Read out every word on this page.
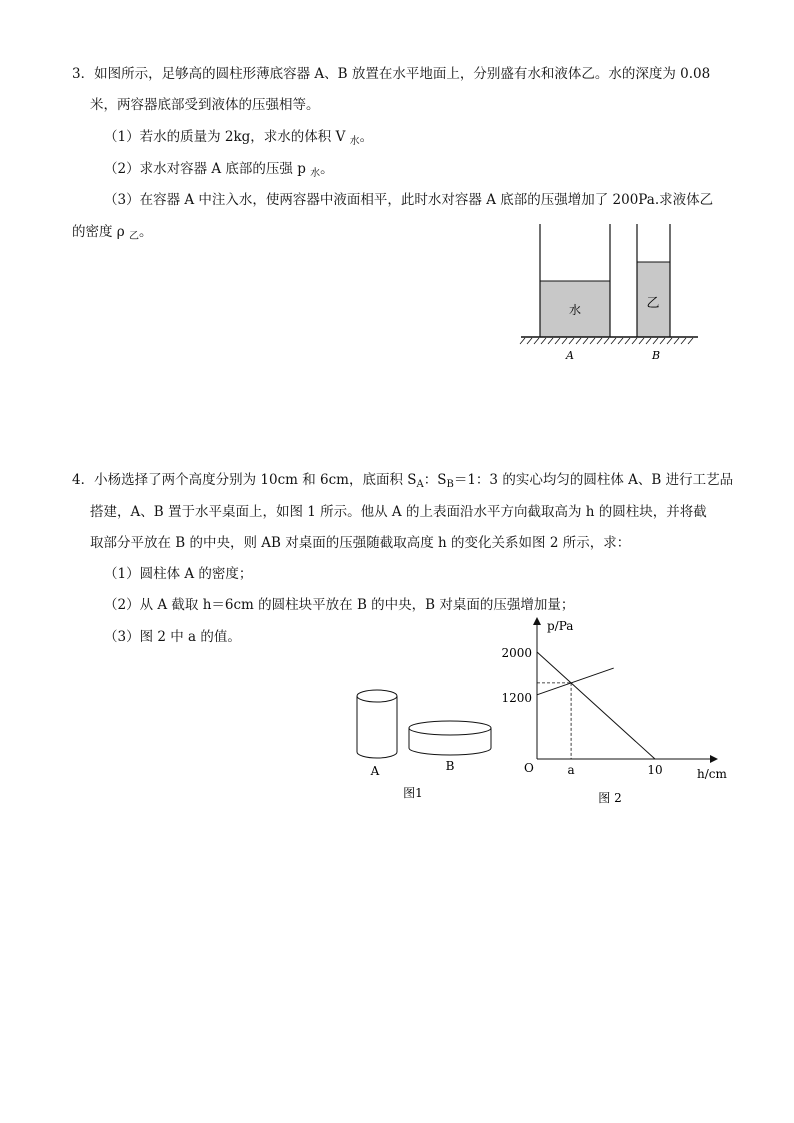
3．如图所示，足够高的圆柱形薄底容器 A、B 放置在水平地面上，分别盛有水和液体乙。水的深度为 0.08
米，两容器底部受到液体的压强相等。
（1）若水的质量为 2kg，求水的体积 V $_水$。
（2）求水对容器 A 底部的压强 p $_水$。
（3）在容器 A 中注入水，使两容器中液面相平，此时水对容器 A 底部的压强增加了 200Pa.求液体乙
的密度 ρ $_乙$。
水	乙
A	B
4．小杨选择了两个高度分别为 10cm 和 6cm，底面积 $S_A$：$S_B=1$：3 的实心均匀的圆柱体 A、B 进行工艺品
搭建，A、B 置于水平桌面上，如图 1 所示。他从 A 的上表面沿水平方向截取高为 h 的圆柱块，并将截
取部分平放在 B 的中央，则 AB 对桌面的压强随截取高度 h 的变化关系如图 2 所示，求：
（1）圆柱体 A 的密度；
（2）从 A 截取 h＝6cm 的圆柱块平放在 B 的中央，B 对桌面的压强增加量；
（3）图 2 中 a 的值。
A	B
图1
p/Pa
h/cm
O
2000
1200
a	10
图 2
